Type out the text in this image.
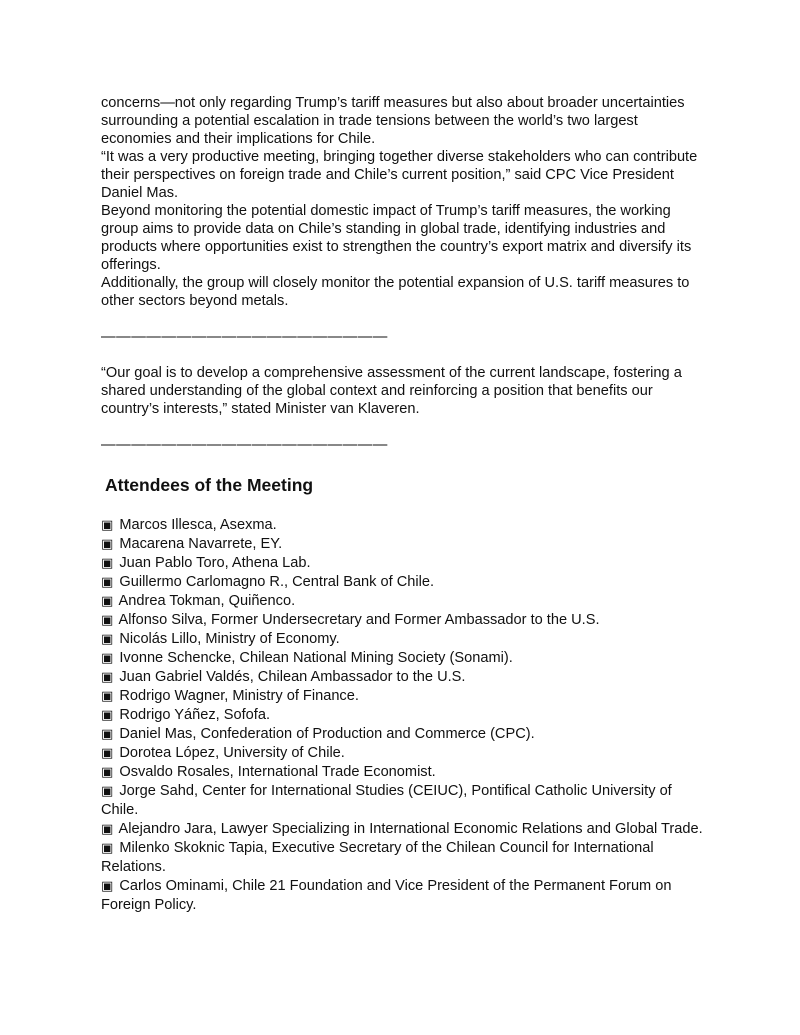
concerns—not only regarding Trump’s tariff measures but also about broader uncertainties surrounding a potential escalation in trade tensions between the world’s two largest economies and their implications for Chile.

“It was a very productive meeting, bringing together diverse stakeholders who can contribute their perspectives on foreign trade and Chile’s current position,” said CPC Vice President Daniel Mas.

Beyond monitoring the potential domestic impact of Trump’s tariff measures, the working group aims to provide data on Chile’s standing in global trade, identifying industries and products where opportunities exist to strengthen the country’s export matrix and diversify its offerings.

Additionally, the group will closely monitor the potential expansion of U.S. tariff measures to other sectors beyond metals.

———————————————————

“Our goal is to develop a comprehensive assessment of the current landscape, fostering a shared understanding of the global context and reinforcing a position that benefits our country’s interests,” stated Minister van Klaveren.

———————————————————

Attendees of the Meeting
▣ Marcos Illesca, Asexma.
▣ Macarena Navarrete, EY.
▣ Juan Pablo Toro, Athena Lab.
▣ Guillermo Carlomagno R., Central Bank of Chile.
▣ Andrea Tokman, Quiñenco.
▣ Alfonso Silva, Former Undersecretary and Former Ambassador to the U.S.
▣ Nicolás Lillo, Ministry of Economy.
▣ Ivonne Schencke, Chilean National Mining Society (Sonami).
▣ Juan Gabriel Valdés, Chilean Ambassador to the U.S.
▣ Rodrigo Wagner, Ministry of Finance.
▣ Rodrigo Yáñez, Sofofa.
▣ Daniel Mas, Confederation of Production and Commerce (CPC).
▣ Dorotea López, University of Chile.
▣ Osvaldo Rosales, International Trade Economist.
▣ Jorge Sahd, Center for International Studies (CEIUC), Pontifical Catholic University of Chile.
▣ Alejandro Jara, Lawyer Specializing in International Economic Relations and Global Trade.
▣ Milenko Skoknic Tapia, Executive Secretary of the Chilean Council for International Relations.
▣ Carlos Ominami, Chile 21 Foundation and Vice President of the Permanent Forum on Foreign Policy.
